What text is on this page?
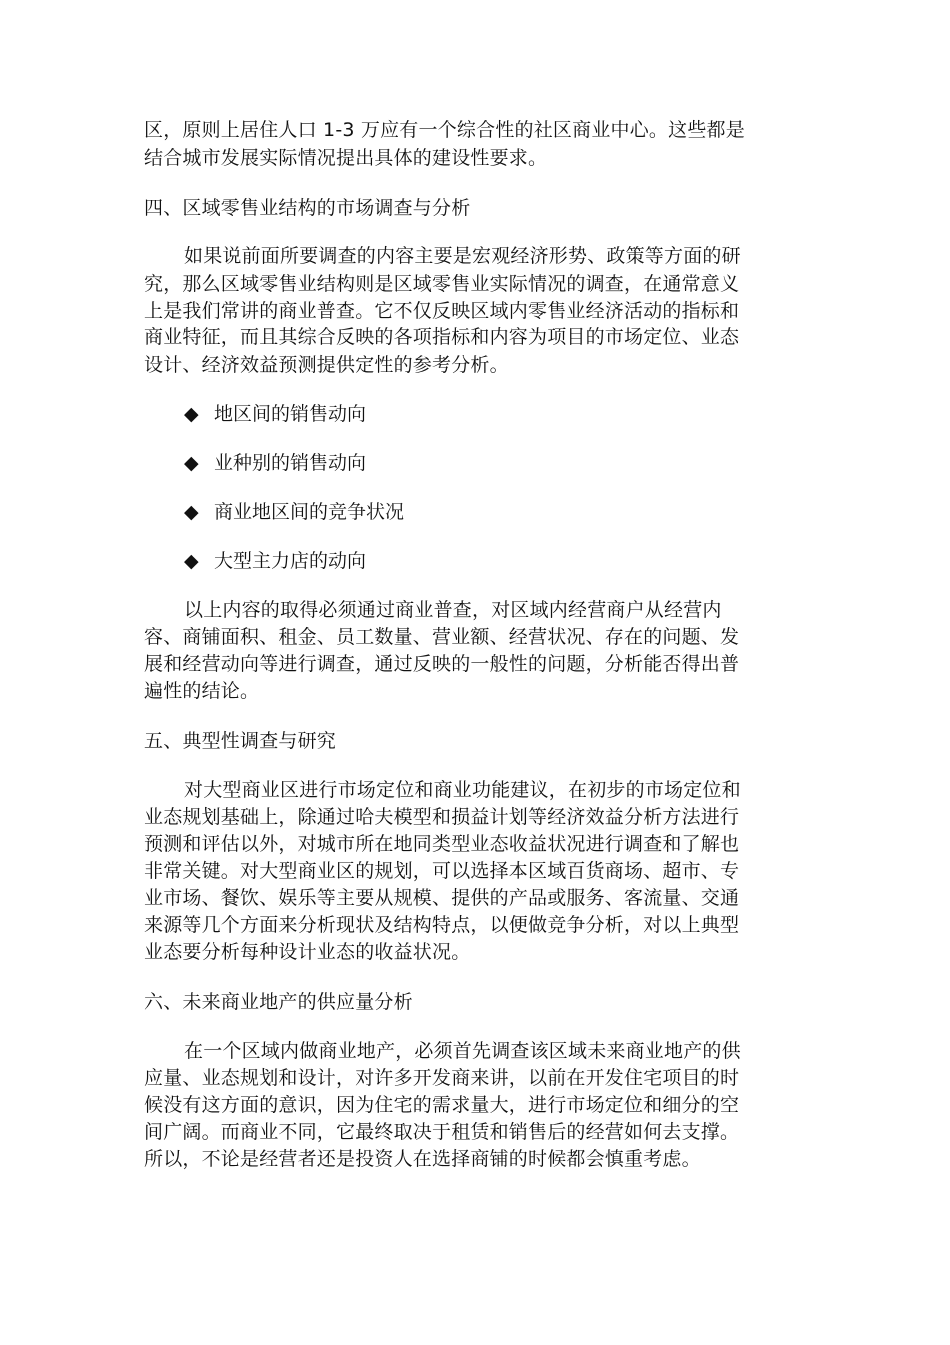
区，原则上居住人口 1-3 万应有一个综合性的社区商业中心。这些都是
结合城市发展实际情况提出具体的建设性要求。
四、区域零售业结构的市场调查与分析
如果说前面所要调查的内容主要是宏观经济形势、政策等方面的研
究，那么区域零售业结构则是区域零售业实际情况的调查，在通常意义
上是我们常讲的商业普查。它不仅反映区域内零售业经济活动的指标和
商业特征，而且其综合反映的各项指标和内容为项目的市场定位、业态
设计、经济效益预测提供定性的参考分析。
◆ 地区间的销售动向
◆ 业种别的销售动向
◆ 商业地区间的竞争状况
◆ 大型主力店的动向
以上内容的取得必须通过商业普查，对区域内经营商户从经营内
容、商铺面积、租金、员工数量、营业额、经营状况、存在的问题、发
展和经营动向等进行调查，通过反映的一般性的问题，分析能否得出普
遍性的结论。
五、典型性调查与研究
对大型商业区进行市场定位和商业功能建议，在初步的市场定位和
业态规划基础上，除通过哈夫模型和损益计划等经济效益分析方法进行
预测和评估以外，对城市所在地同类型业态收益状况进行调查和了解也
非常关键。对大型商业区的规划，可以选择本区域百货商场、超市、专
业市场、餐饮、娱乐等主要从规模、提供的产品或服务、客流量、交通
来源等几个方面来分析现状及结构特点，以便做竞争分析，对以上典型
业态要分析每种设计业态的收益状况。
六、未来商业地产的供应量分析
在一个区域内做商业地产，必须首先调查该区域未来商业地产的供
应量、业态规划和设计，对许多开发商来讲，以前在开发住宅项目的时
候没有这方面的意识，因为住宅的需求量大，进行市场定位和细分的空
间广阔。而商业不同，它最终取决于租赁和销售后的经营如何去支撑。
所以，不论是经营者还是投资人在选择商铺的时候都会慎重考虑。
